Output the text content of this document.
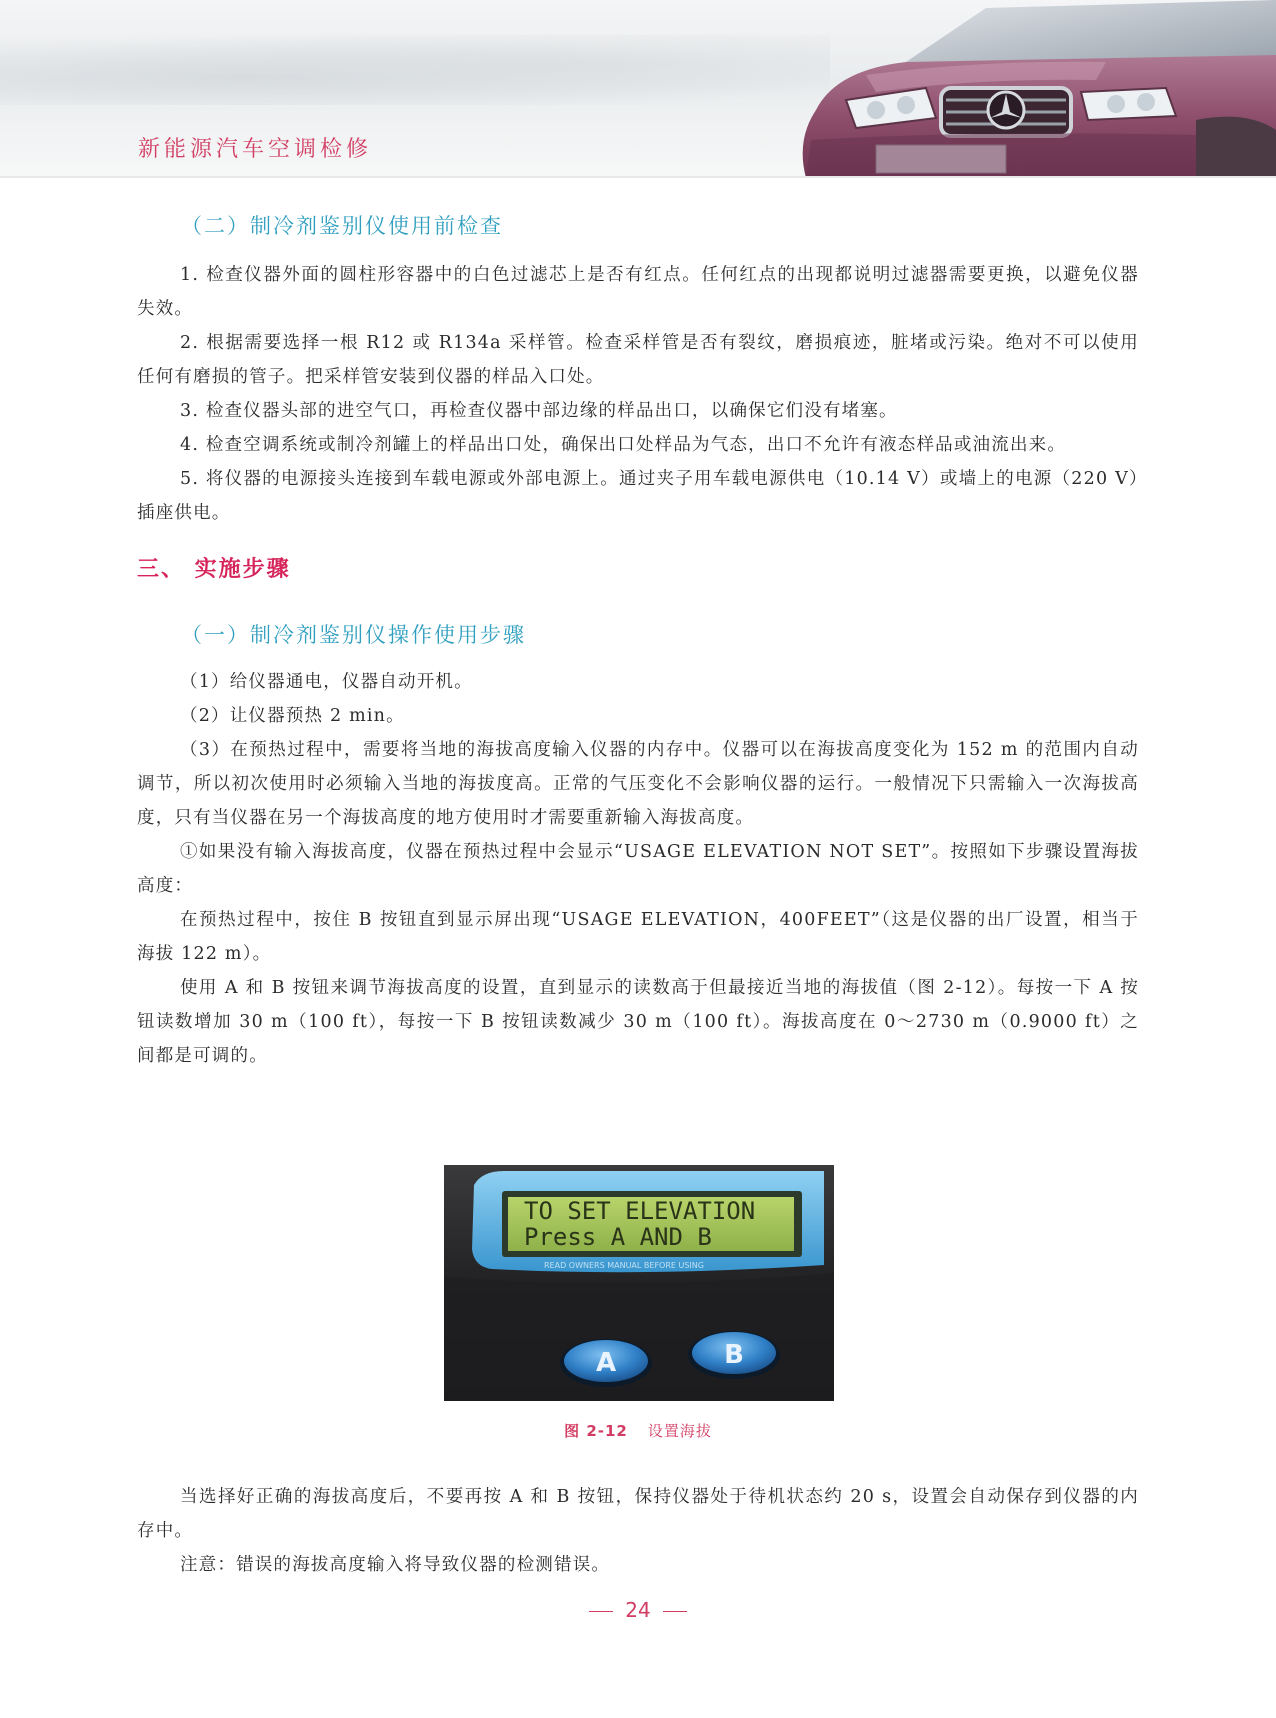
新能源汽车空调检修
（二）制冷剂鉴别仪使用前检查

1. 检查仪器外面的圆柱形容器中的白色过滤芯上是否有红点。任何红点的出现都说明过滤器需要更换，以避免仪器失效。

2. 根据需要选择一根 R12 或 R134a 采样管。检查采样管是否有裂纹，磨损痕迹，脏堵或污染。绝对不可以使用任何有磨损的管子。把采样管安装到仪器的样品入口处。

3. 检查仪器头部的进空气口，再检查仪器中部边缘的样品出口，以确保它们没有堵塞。

4. 检查空调系统或制冷剂罐上的样品出口处，确保出口处样品为气态，出口不允许有液态样品或油流出来。

5. 将仪器的电源接头连接到车载电源或外部电源上。通过夹子用车载电源供电（10.14 V）或墙上的电源（220 V）插座供电。

三、 实施步骤
（一）制冷剂鉴别仪操作使用步骤

（1）给仪器通电，仪器自动开机。

（2）让仪器预热 2 min。

（3）在预热过程中，需要将当地的海拔高度输入仪器的内存中。仪器可以在海拔高度变化为 152 m 的范围内自动调节，所以初次使用时必须输入当地的海拔度高。正常的气压变化不会影响仪器的运行。一般情况下只需输入一次海拔高度，只有当仪器在另一个海拔高度的地方使用时才需要重新输入海拔高度。

①如果没有输入海拔高度，仪器在预热过程中会显示“USAGE ELEVATION NOT SET”。按照如下步骤设置海拔高度：

在预热过程中，按住 B 按钮直到显示屏出现“USAGE ELEVATION，400FEET”（这是仪器的出厂设置，相当于海拔 122 m）。

使用 A 和 B 按钮来调节海拔高度的设置，直到显示的读数高于但最接近当地的海拔值（图 2-12）。每按一下 A 按钮读数增加 30 m（100 ft），每按一下 B 按钮读数减少 30 m（100 ft）。海拔高度在 0～2730 m（0.9000 ft）之间都是可调的。

TO SET ELEVATION
Press A AND B
READ OWNERS MANUAL BEFORE USING
A	B
图 2-12 设置海拔

当选择好正确的海拔高度后，不要再按 A 和 B 按钮，保持仪器处于待机状态约 20 s，设置会自动保存到仪器的内存中。

注意：错误的海拔高度输入将导致仪器的检测错误。

24
